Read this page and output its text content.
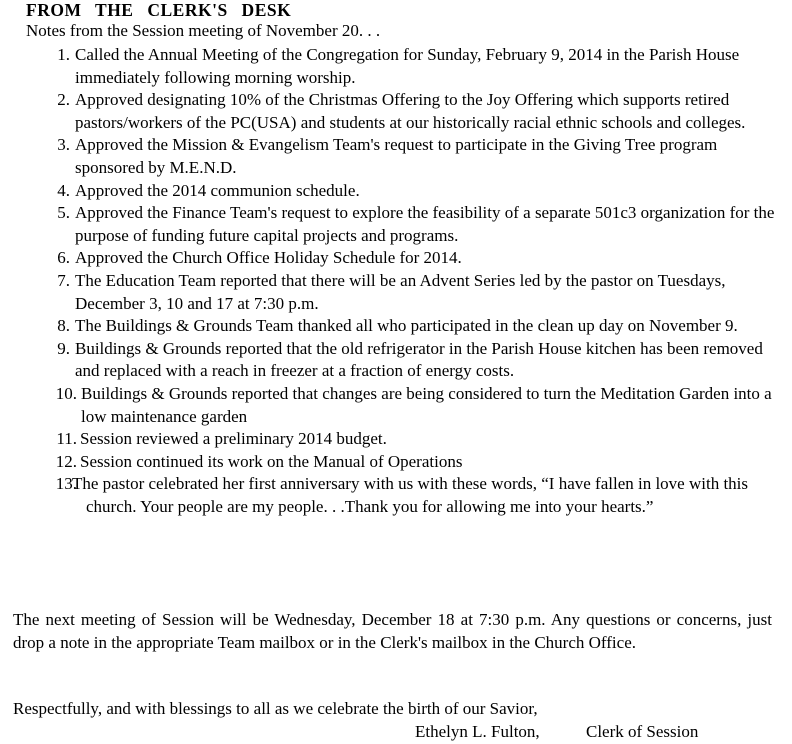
FROM THE CLERK'S DESK
Notes from the Session meeting of November 20. . .
1. Called the Annual Meeting of the Congregation for Sunday, February 9, 2014 in the Parish House immediately following morning worship.
2. Approved designating 10% of the Christmas Offering to the Joy Offering which supports retired pastors/workers of the PC(USA) and students at our historically racial ethnic schools and colleges.
3. Approved the Mission & Evangelism Team's request to participate in the Giving Tree program sponsored by M.E.N.D.
4. Approved the 2014 communion schedule.
5. Approved the Finance Team's request to explore the feasibility of a separate 501c3 organization for the purpose of funding future capital projects and programs.
6. Approved the Church Office Holiday Schedule for 2014.
7. The Education Team reported that there will be an Advent Series led by the pastor on Tuesdays, December 3, 10 and 17 at 7:30 p.m.
8. The Buildings & Grounds Team thanked all who participated in the clean up day on November 9.
9. Buildings & Grounds reported that the old refrigerator in the Parish House kitchen has been removed and replaced with a reach in freezer at a fraction of energy costs.
10. Buildings & Grounds reported that changes are being considered to turn the Meditation Garden into a low maintenance garden
11. Session reviewed a preliminary 2014 budget.
12. Session continued its work on the Manual of Operations
13.
The pastor celebrated her first anniversary with us with these words, “I have fallen in love with this church. Your people are my people. . .Thank you for allowing me into your hearts.”
The next meeting of Session will be Wednesday, December 18 at 7:30 p.m. Any questions or concerns, just drop a note in the appropriate Team mailbox or in the Clerk's mailbox in the Church Office.
Respectfully, and with blessings to all as we celebrate the birth of our Savior,
Ethelyn L. Fulton,	Clerk of Session
